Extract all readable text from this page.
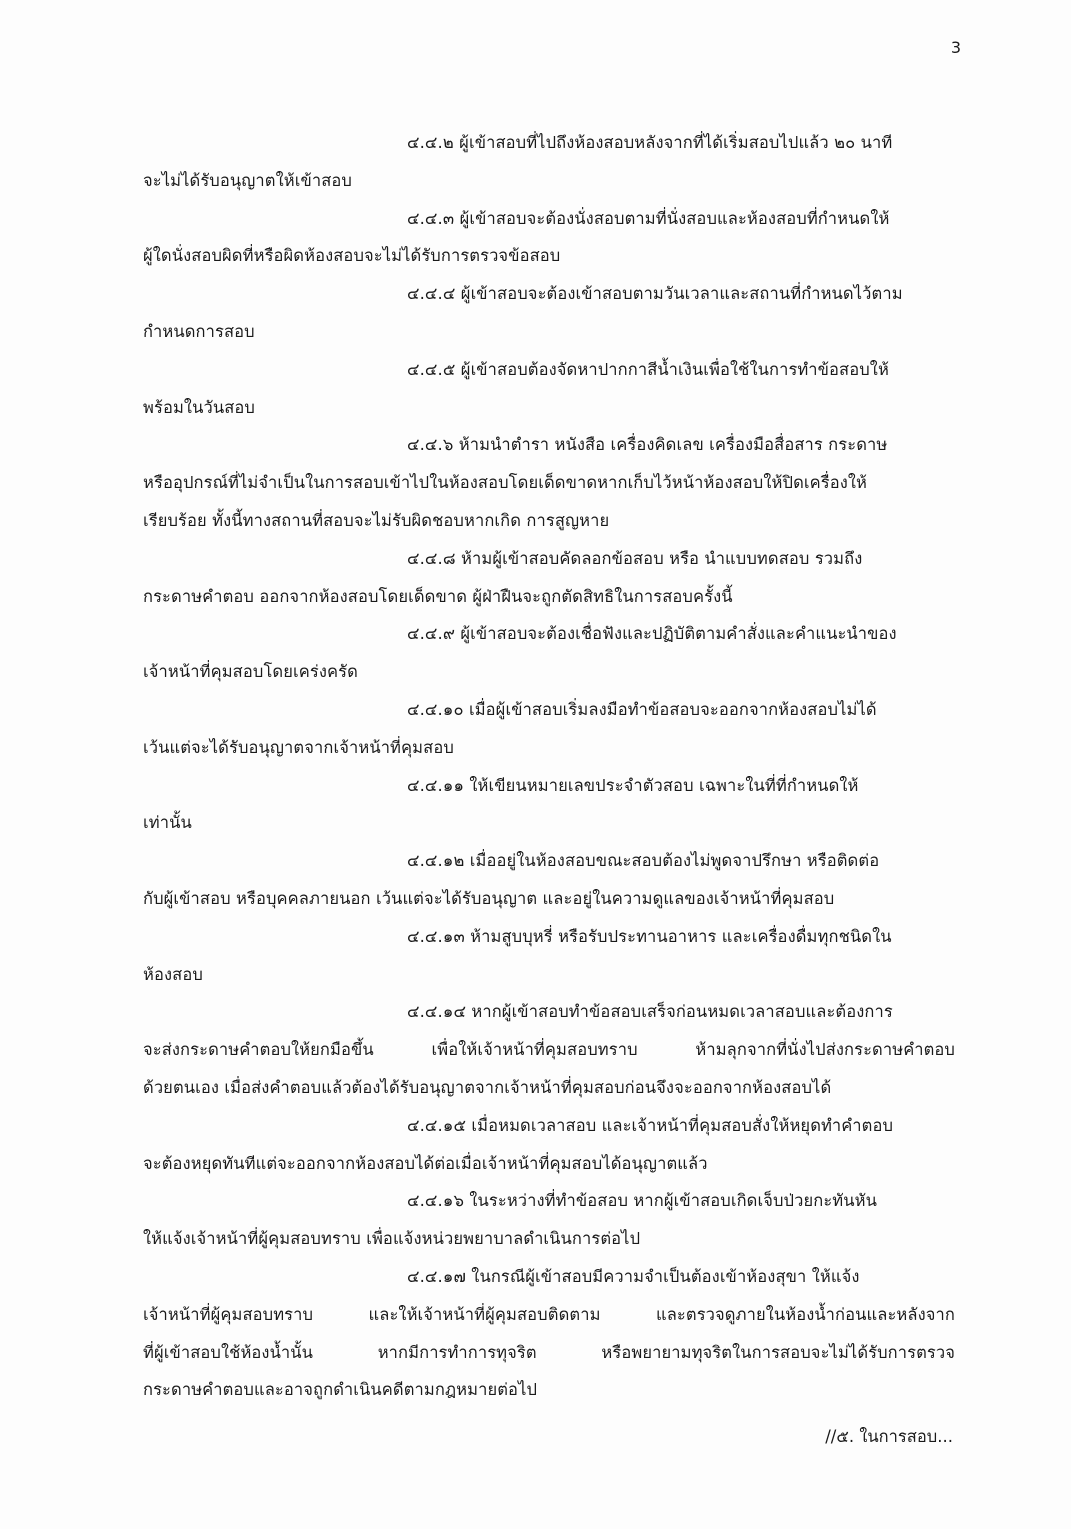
3
๔.๔.๒ ผู้เข้าสอบที่ไปถึงห้องสอบหลังจากที่ได้เริ่มสอบไปแล้ว ๒๐ นาที
จะไม่ได้รับอนุญาตให้เข้าสอบ
๔.๔.๓ ผู้เข้าสอบจะต้องนั่งสอบตามที่นั่งสอบและห้องสอบที่กำหนดให้
ผู้ใดนั่งสอบผิดที่หรือผิดห้องสอบจะไม่ได้รับการตรวจข้อสอบ
๔.๔.๔ ผู้เข้าสอบจะต้องเข้าสอบตามวันเวลาและสถานที่กำหนดไว้ตาม
กำหนดการสอบ
๔.๔.๕ ผู้เข้าสอบต้องจัดหาปากกาสีน้ำเงินเพื่อใช้ในการทำข้อสอบให้
พร้อมในวันสอบ
๔.๔.๖ ห้ามนำตำรา หนังสือ เครื่องคิดเลข เครื่องมือสื่อสาร กระดาษ
หรืออุปกรณ์ที่ไม่จำเป็นในการสอบเข้าไปในห้องสอบโดยเด็ดขาดหากเก็บไว้หน้าห้องสอบให้ปิดเครื่องให้
เรียบร้อย ทั้งนี้ทางสถานที่สอบจะไม่รับผิดชอบหากเกิด การสูญหาย
๔.๔.๘ ห้ามผู้เข้าสอบคัดลอกข้อสอบ หรือ นำแบบทดสอบ รวมถึง
กระดาษคำตอบ ออกจากห้องสอบโดยเด็ดขาด ผู้ฝ่าฝืนจะถูกตัดสิทธิในการสอบครั้งนี้
๔.๔.๙ ผู้เข้าสอบจะต้องเชื่อฟังและปฏิบัติตามคำสั่งและคำแนะนำของ
เจ้าหน้าที่คุมสอบโดยเคร่งครัด
๔.๔.๑๐ เมื่อผู้เข้าสอบเริ่มลงมือทำข้อสอบจะออกจากห้องสอบไม่ได้
เว้นแต่จะได้รับอนุญาตจากเจ้าหน้าที่คุมสอบ
๔.๔.๑๑ ให้เขียนหมายเลขประจำตัวสอบ เฉพาะในที่ที่กำหนดให้
เท่านั้น
๔.๔.๑๒ เมื่ออยู่ในห้องสอบขณะสอบต้องไม่พูดจาปรึกษา หรือติดต่อ
กับผู้เข้าสอบ หรือบุคคลภายนอก เว้นแต่จะได้รับอนุญาต และอยู่ในความดูแลของเจ้าหน้าที่คุมสอบ
๔.๔.๑๓ ห้ามสูบบุหรี่ หรือรับประทานอาหาร และเครื่องดื่มทุกชนิดใน
ห้องสอบ
๔.๔.๑๔ หากผู้เข้าสอบทำข้อสอบเสร็จก่อนหมดเวลาสอบและต้องการ
จะส่งกระดาษคำตอบให้ยกมือขึ้น เพื่อให้เจ้าหน้าที่คุมสอบทราบ ห้ามลุกจากที่นั่งไปส่งกระดาษคำตอบ
ด้วยตนเอง เมื่อส่งคำตอบแล้วต้องได้รับอนุญาตจากเจ้าหน้าที่คุมสอบก่อนจึงจะออกจากห้องสอบได้
๔.๔.๑๕ เมื่อหมดเวลาสอบ และเจ้าหน้าที่คุมสอบสั่งให้หยุดทำคำตอบ
จะต้องหยุดทันทีแต่จะออกจากห้องสอบได้ต่อเมื่อเจ้าหน้าที่คุมสอบได้อนุญาตแล้ว
๔.๔.๑๖ ในระหว่างที่ทำข้อสอบ หากผู้เข้าสอบเกิดเจ็บป่วยกะทันหัน
ให้แจ้งเจ้าหน้าที่ผู้คุมสอบทราบ เพื่อแจ้งหน่วยพยาบาลดำเนินการต่อไป
๔.๔.๑๗ ในกรณีผู้เข้าสอบมีความจำเป็นต้องเข้าห้องสุขา ให้แจ้ง
เจ้าหน้าที่ผู้คุมสอบทราบ และให้เจ้าหน้าที่ผู้คุมสอบติดตาม และตรวจดูภายในห้องน้ำก่อนและหลังจาก
ที่ผู้เข้าสอบใช้ห้องน้ำนั้น หากมีการทำการทุจริต หรือพยายามทุจริตในการสอบจะไม่ได้รับการตรวจ
กระดาษคำตอบและอาจถูกดำเนินคดีตามกฎหมายต่อไป
//๕. ในการสอบ...
